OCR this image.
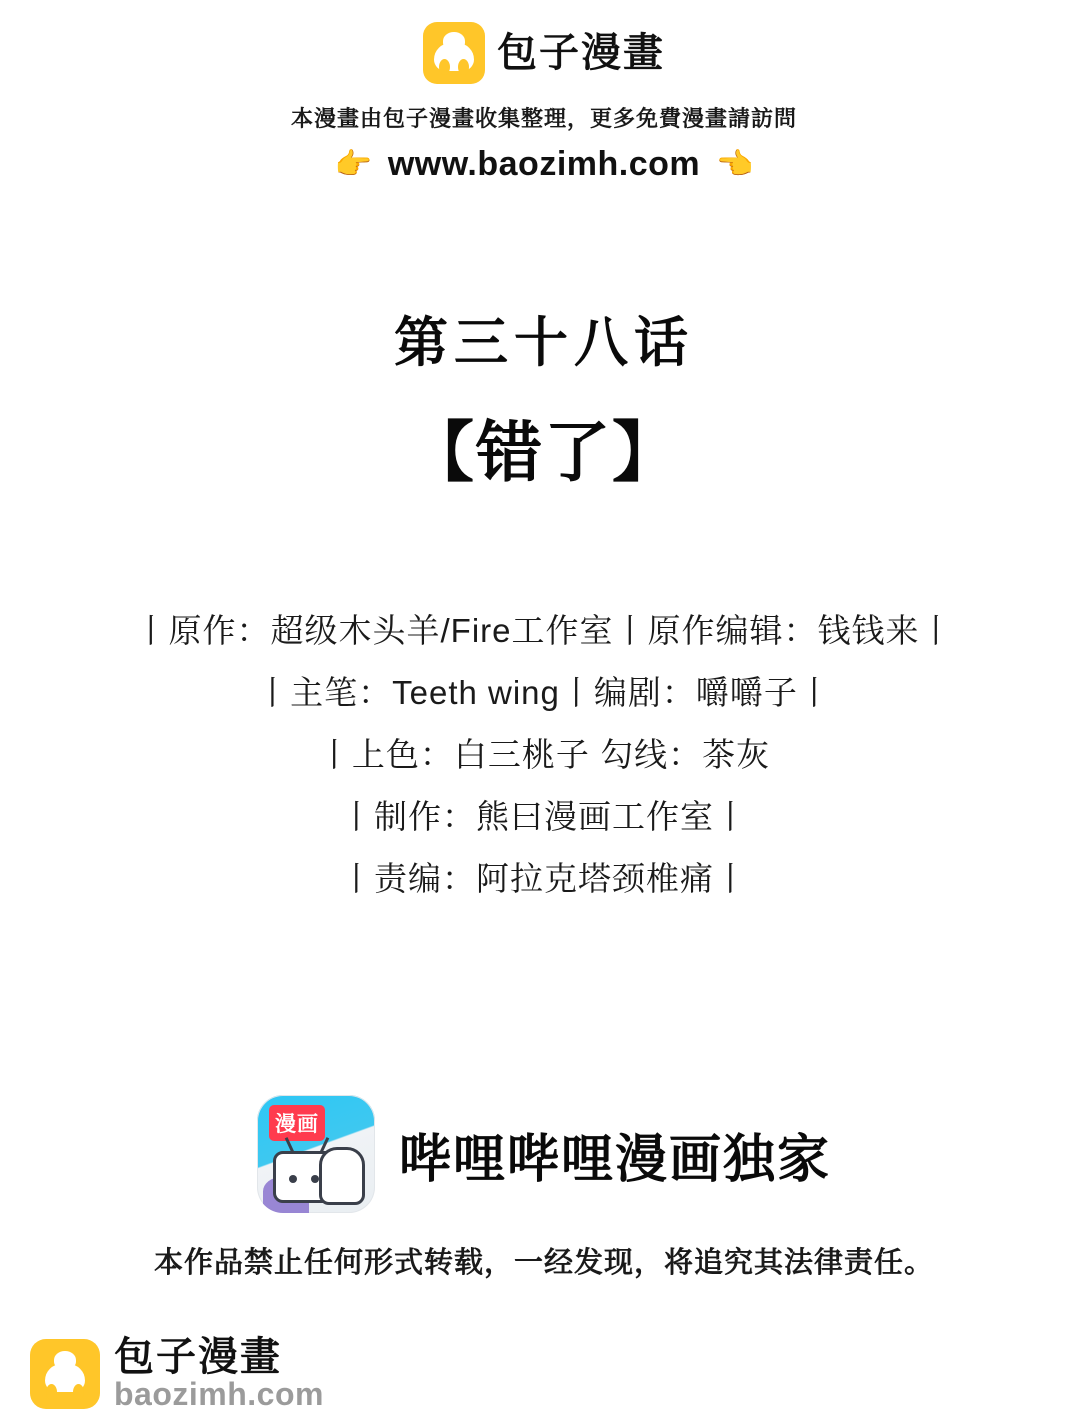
包子漫畫
本漫畫由包子漫畫收集整理，更多免費漫畫請訪問
👉 www.baozimh.com 👈
第三十八话
【错了】
丨原作：超级木头羊/Fire工作室丨原作编辑：钱钱来丨
丨主笔：Teeth wing丨编剧：嚼嚼子丨
丨上色：白三桃子 勾线：茶灰
丨制作：熊曰漫画工作室丨
丨责编：阿拉克塔颈椎痛丨
漫画
哔哩哔哩漫画独家
本作品禁止任何形式转载，一经发现，将追究其法律责任。
包子漫畫
baozimh.com
